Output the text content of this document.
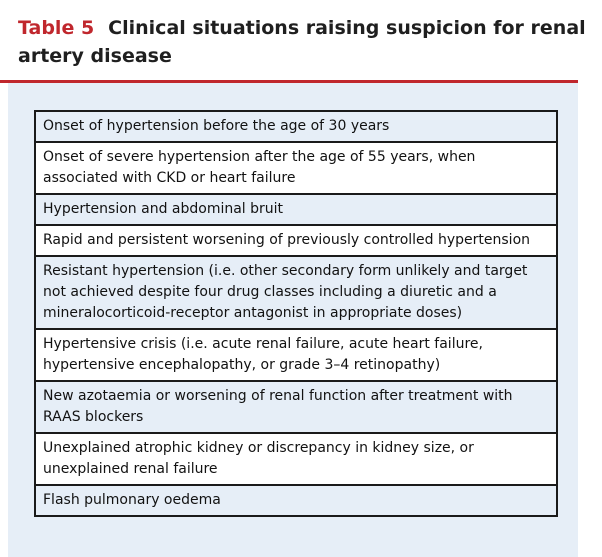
Table 5 Clinical situations raising suspicion for renal artery disease
Onset of hypertension before the age of 30 years
Onset of severe hypertension after the age of 55 years, when associated with CKD or heart failure
Hypertension and abdominal bruit
Rapid and persistent worsening of previously controlled hypertension
Resistant hypertension (i.e. other secondary form unlikely and target not achieved despite four drug classes including a diuretic and a mineralocorticoid-receptor antagonist in appropriate doses)
Hypertensive crisis (i.e. acute renal failure, acute heart failure, hypertensive encephalopathy, or grade 3–4 retinopathy)
New azotaemia or worsening of renal function after treatment with RAAS blockers
Unexplained atrophic kidney or discrepancy in kidney size, or unexplained renal failure
Flash pulmonary oedema
